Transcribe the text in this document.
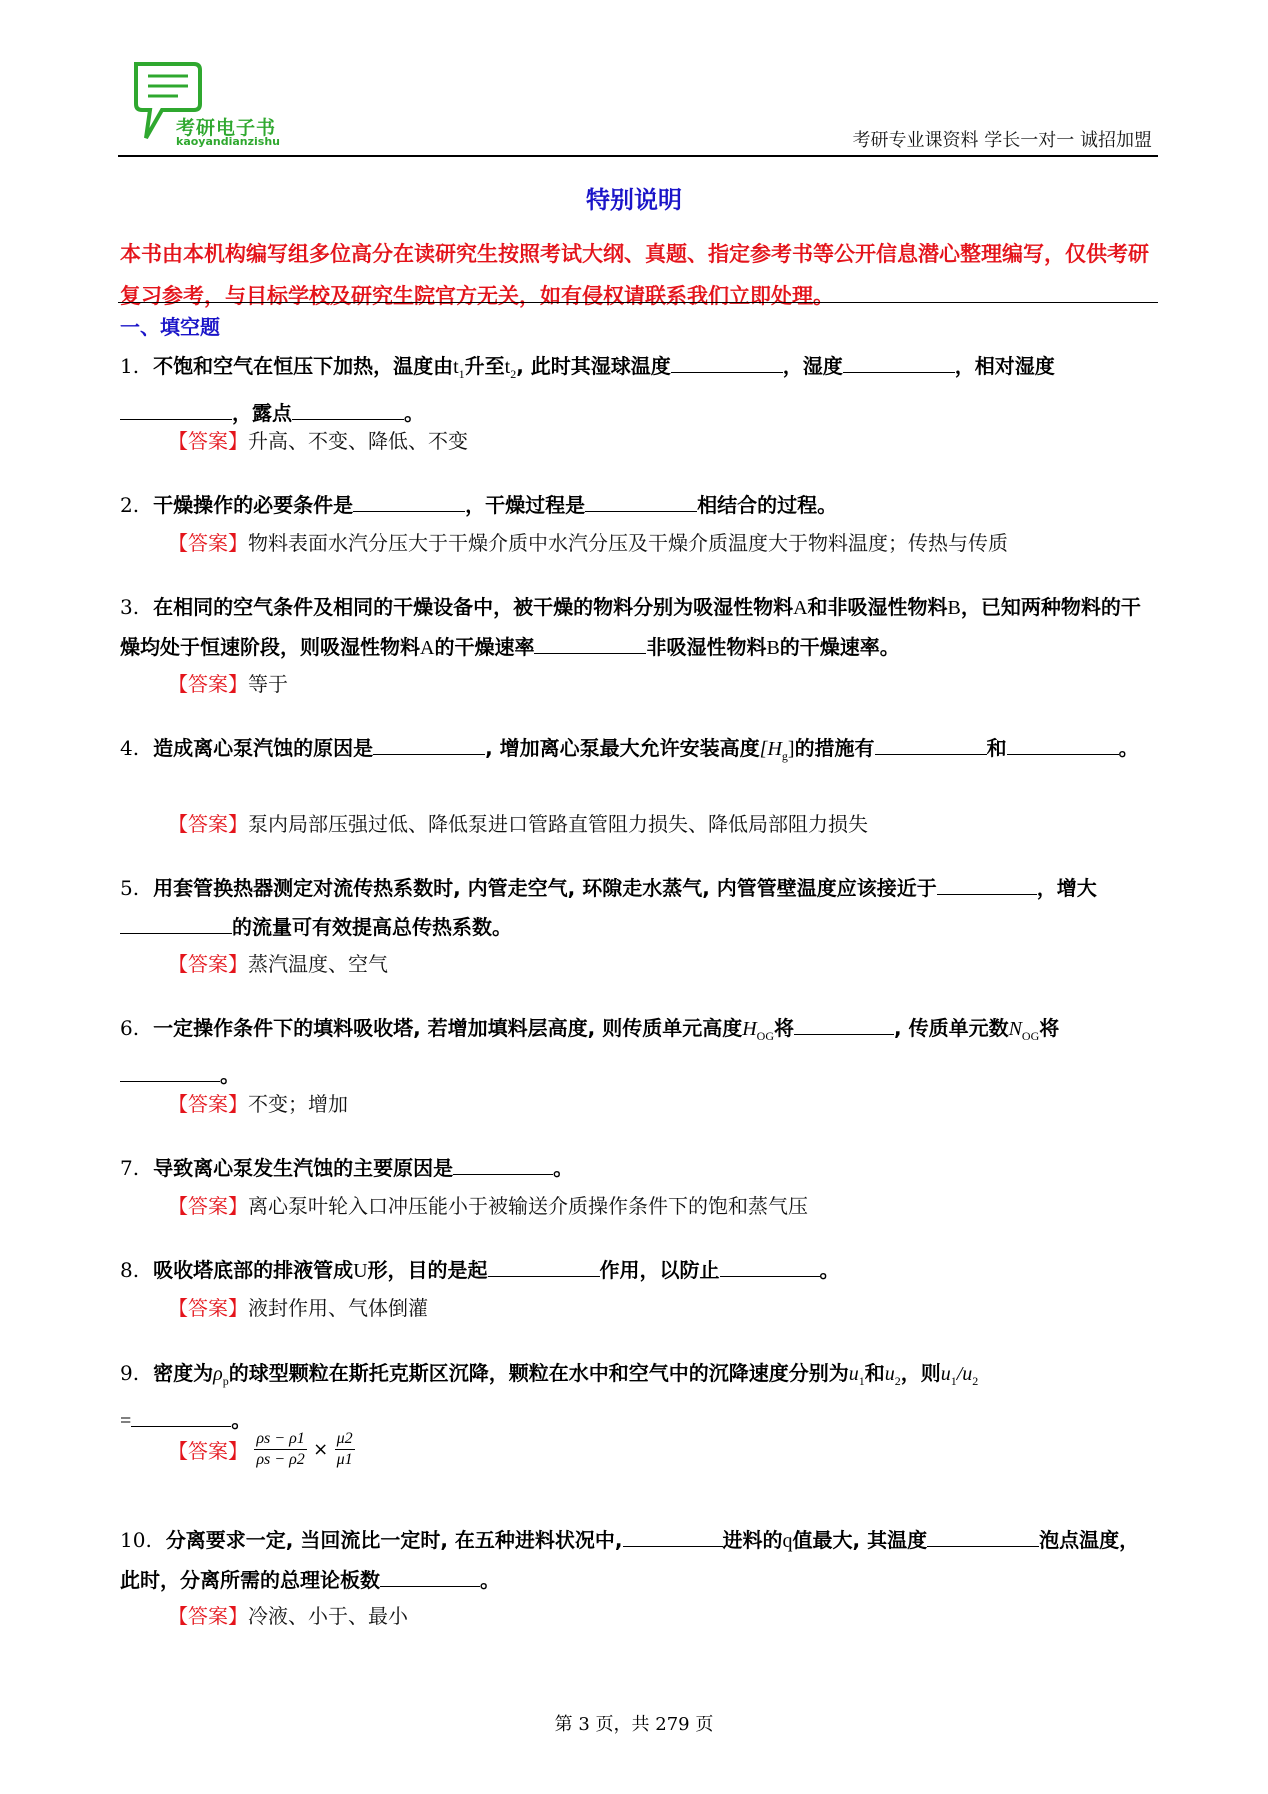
考研电子书
kaoyandianzishu	考研专业课资料 学长一对一 诚招加盟
特别说明
本书由本机构编写组多位高分在读研究生按照考试大纲、真题、指定参考书等公开信息潜心整理编写，仅供考研复习参考，与目标学校及研究生院官方无关，如有侵权请联系我们立即处理。
一、填空题
1. 不饱和空气在恒压下加热，温度由$t_1$升至$t_2$, 此时其湿球温度	，湿度	，相对湿度，露点	。
【答案】升高、不变、降低、不变
2. 干燥操作的必要条件是	，干燥过程是	相结合的过程。
【答案】物料表面水汽分压大于干燥介质中水汽分压及干燥介质温度大于物料温度；传热与传质
3. 在相同的空气条件及相同的干燥设备中，被干燥的物料分别为吸湿性物料A和非吸湿性物料B，已知两种物料的干燥均处于恒速阶段，则吸湿性物料A的干燥速率	非吸湿性物料B的干燥速率。
【答案】等于
4. 造成离心泵汽蚀的原因是	, 增加离心泵最大允许安装高度$[H_g]$的措施有	和	。
【答案】泵内局部压强过低、降低泵进口管路直管阻力损失、降低局部阻力损失
5. 用套管换热器测定对流传热系数时, 内管走空气, 环隙走水蒸气, 内管管壁温度应该接近于	，增大的流量可有效提高总传热系数。
【答案】蒸汽温度、空气
6. 一定操作条件下的填料吸收塔, 若增加填料层高度, 则传质单元高度$H_{OG}$将	, 传质单元数$N_{OG}$将。
【答案】不变；增加
7. 导致离心泵发生汽蚀的主要原因是	。
【答案】离心泵叶轮入口冲压能小于被输送介质操作条件下的饱和蒸气压
8. 吸收塔底部的排液管成U形，目的是起	作用，以防止	。
【答案】液封作用、气体倒灌
9. 密度为$\rho_p$的球型颗粒在斯托克斯区沉降，颗粒在水中和空气中的沉降速度分别为$u_1$和$u_2$，则$u_1/u_2$
=	。
【答案】 $\frac{\rho s - \rho 1}{\rho s - \rho 2} \times \frac{\mu 2}{\mu 1}$
10. 分离要求一定, 当回流比一定时, 在五种进料状况中,	进料的q值最大, 其温度	泡点温度，此时，分离所需的总理论板数	。
【答案】冷液、小于、最小
第 3 页，共 279 页
